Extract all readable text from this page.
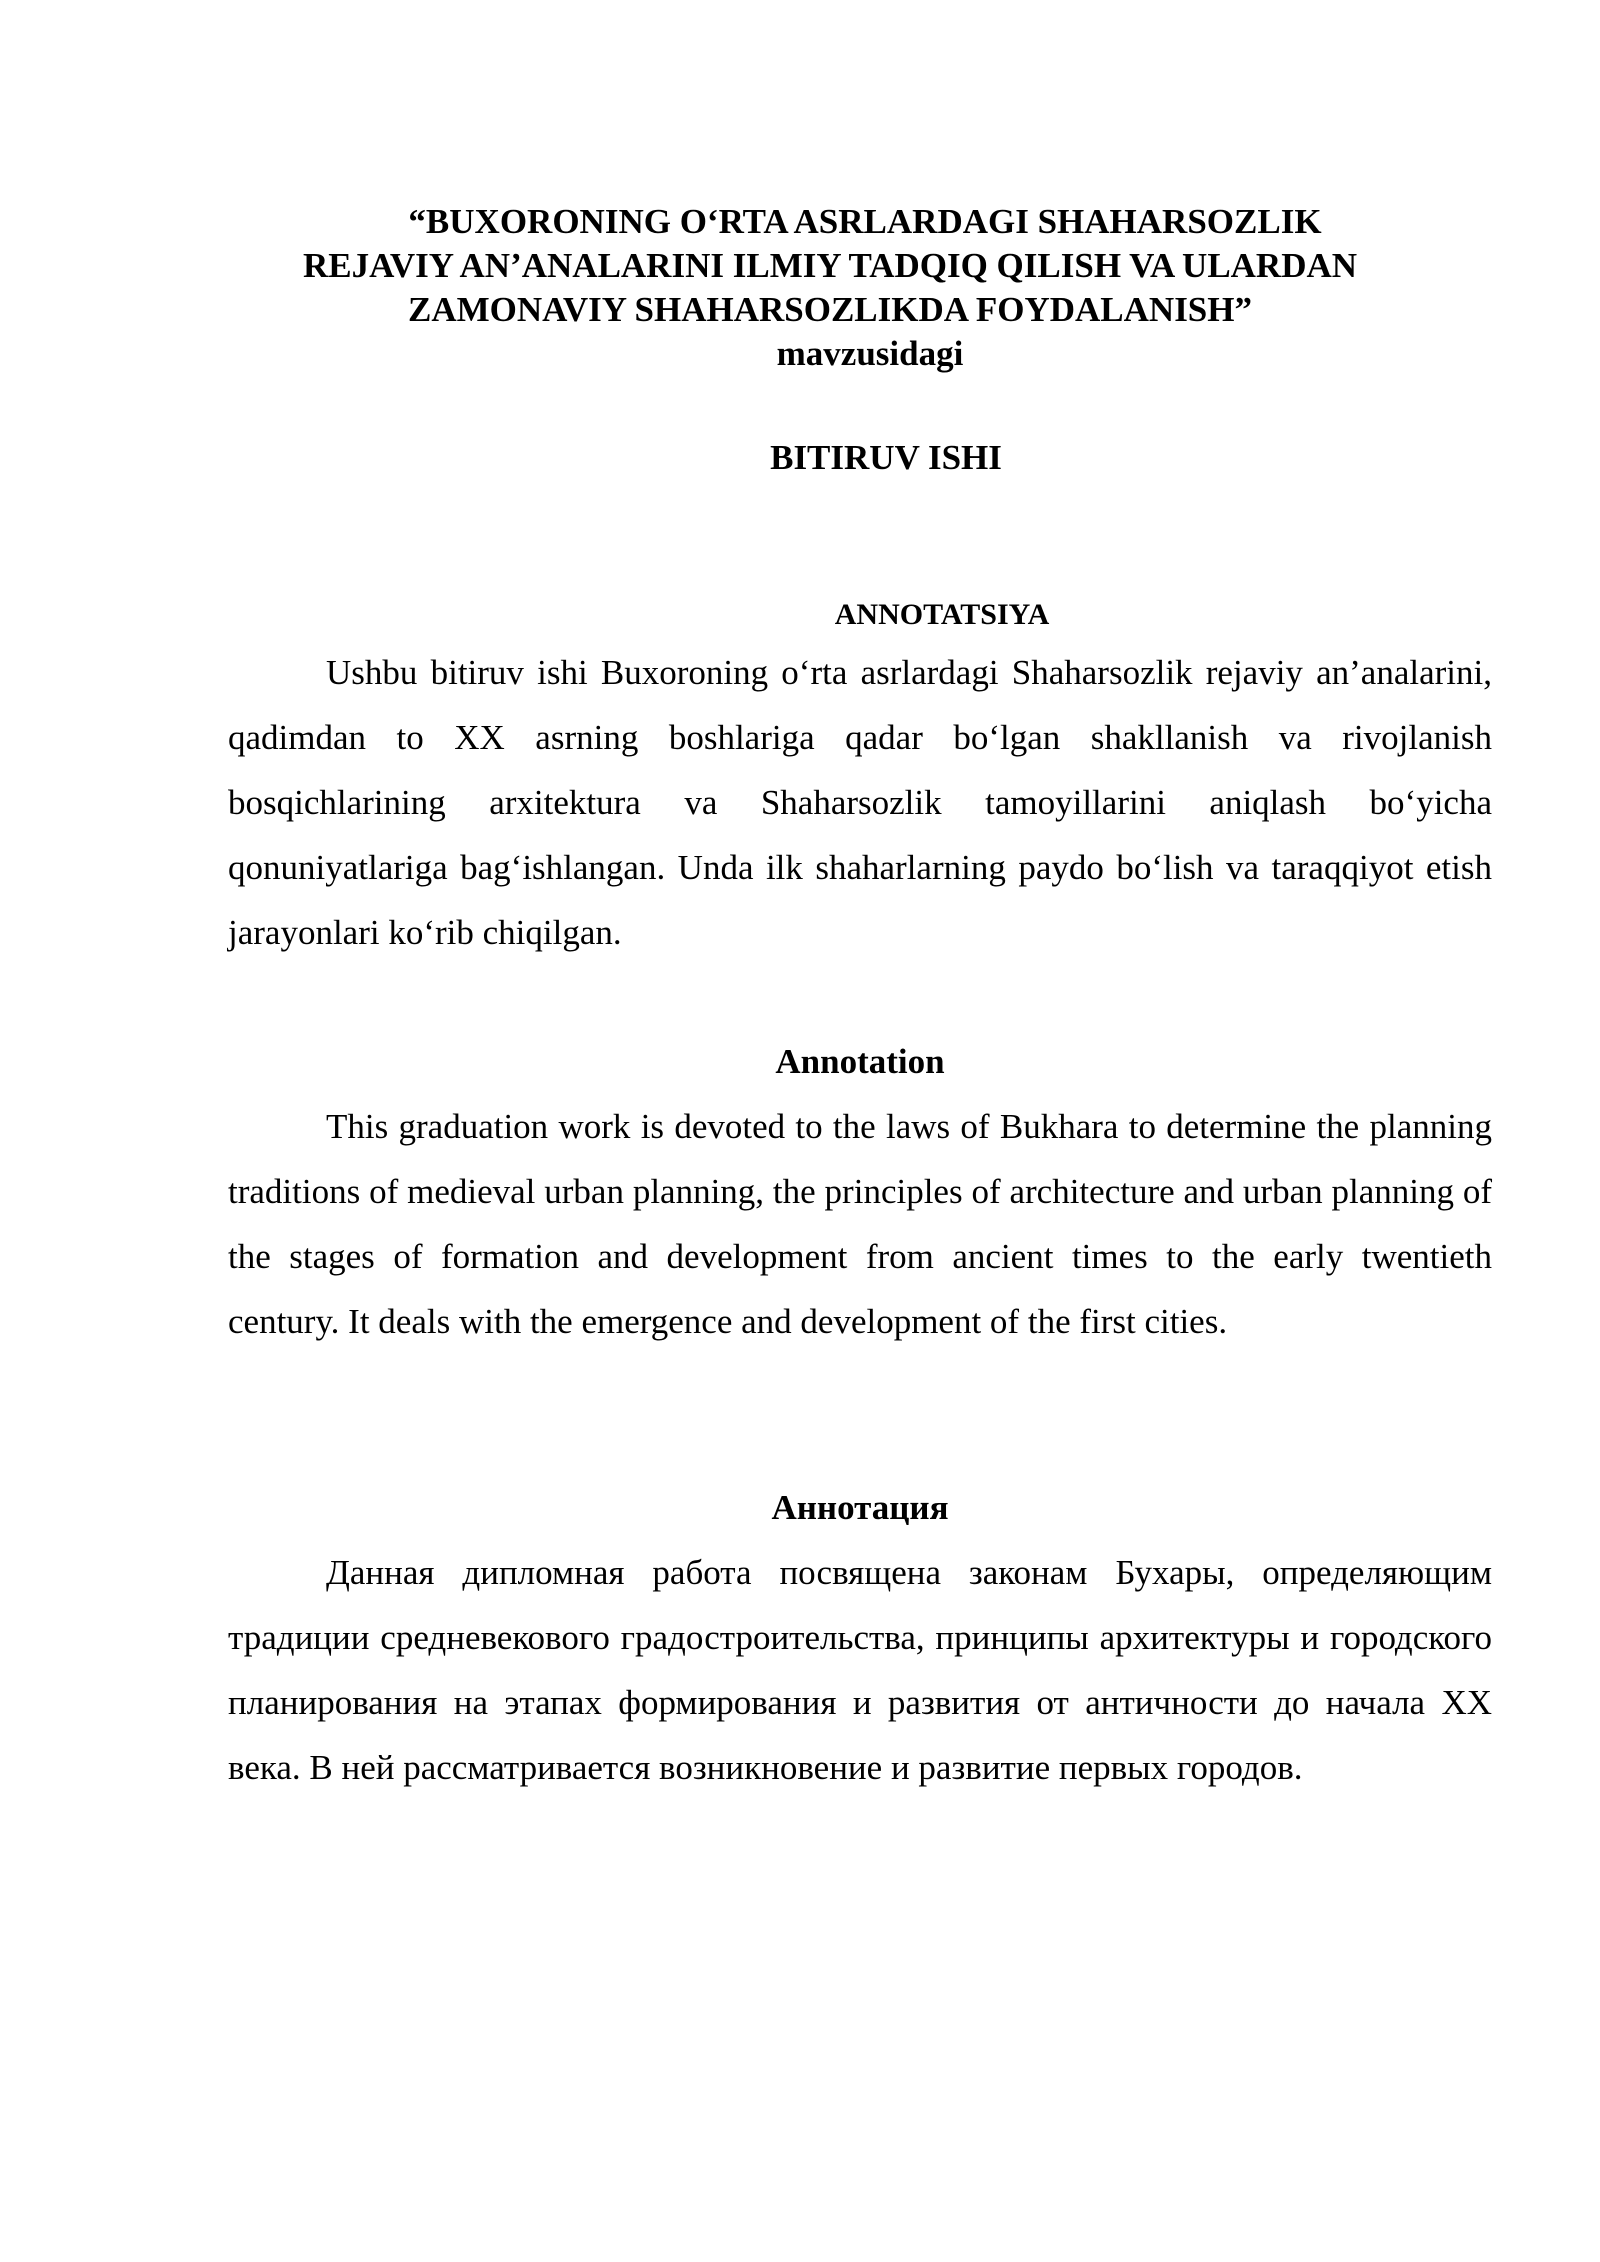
“BUXORONING O‘RTA ASRLARDAGI SHAHARSOZLIK
REJAVIY AN’ANALARINI ILMIY TADQIQ QILISH VA ULARDAN
ZAMONAVIY SHAHARSOZLIKDA FOYDALANISH”
mavzusidagi
BITIRUV ISHI
ANNOTATSIYA

Ushbu bitiruv ishi Buxoroning o‘rta asrlardagi Shaharsozlik rejaviy an’analarini, qadimdan to XX asrning boshlariga qadar bo‘lgan shakllanish va rivojlanish bosqichlarining arxitektura va Shaharsozlik tamoyillarini aniqlash bo‘yicha qonuniyatlariga bag‘ishlangan. Unda ilk shaharlarning paydo bo‘lish va taraqqiyot etish jarayonlari ko‘rib chiqilgan.

Annotation

This graduation work is devoted to the laws of Bukhara to determine the planning traditions of medieval urban planning, the principles of architecture and urban planning of the stages of formation and development from ancient times to the early twentieth century. It deals with the emergence and development of the first cities.

Аннотация

Данная дипломная работа посвящена законам Бухары, определяющим традиции средневекового градостроительства, принципы архитектуры и городского планирования на этапах формирования и развития от античности до начала XX века. В ней рассматривается возникновение и развитие первых городов.
